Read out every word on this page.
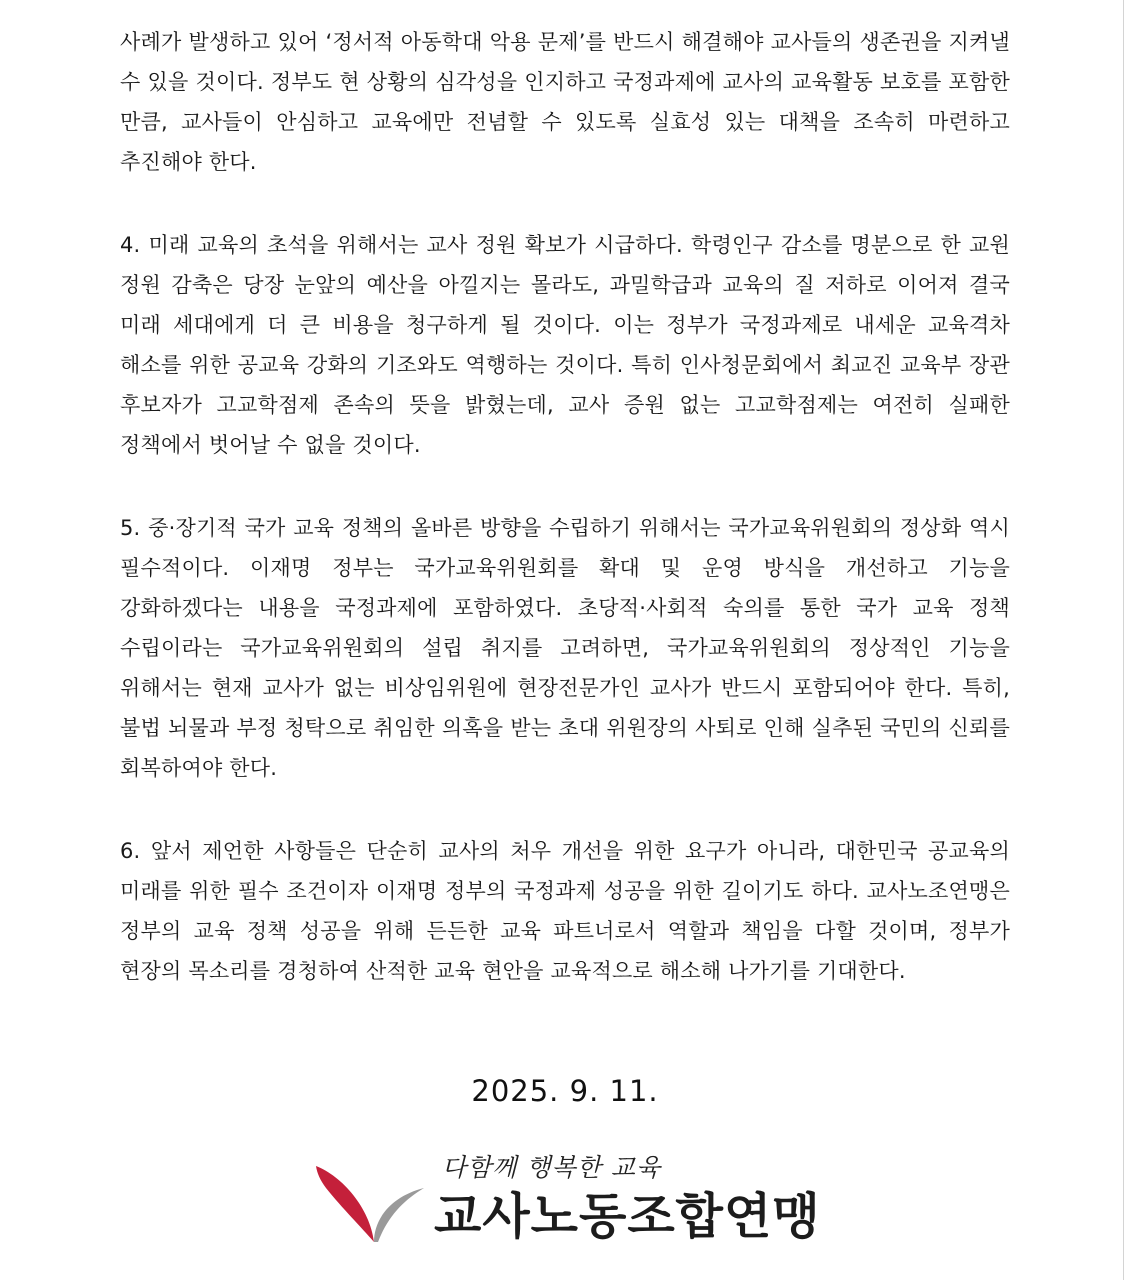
사례가 발생하고 있어 ‘정서적 아동학대 악용 문제’를 반드시 해결해야 교사들의 생존권을 지켜낼 수 있을 것이다. 정부도 현 상황의 심각성을 인지하고 국정과제에 교사의 교육활동 보호를 포함한 만큼, 교사들이 안심하고 교육에만 전념할 수 있도록 실효성 있는 대책을 조속히 마련하고 추진해야 한다.

4. 미래 교육의 초석을 위해서는 교사 정원 확보가 시급하다. 학령인구 감소를 명분으로 한 교원 정원 감축은 당장 눈앞의 예산을 아낄지는 몰라도, 과밀학급과 교육의 질 저하로 이어져 결국 미래 세대에게 더 큰 비용을 청구하게 될 것이다. 이는 정부가 국정과제로 내세운 교육격차 해소를 위한 공교육 강화의 기조와도 역행하는 것이다. 특히 인사청문회에서 최교진 교육부 장관 후보자가 고교학점제 존속의 뜻을 밝혔는데, 교사 증원 없는 고교학점제는 여전히 실패한 정책에서 벗어날 수 없을 것이다.

5. 중·장기적 국가 교육 정책의 올바른 방향을 수립하기 위해서는 국가교육위원회의 정상화 역시 필수적이다. 이재명 정부는 국가교육위원회를 확대 및 운영 방식을 개선하고 기능을 강화하겠다는 내용을 국정과제에 포함하였다. 초당적·사회적 숙의를 통한 국가 교육 정책 수립이라는 국가교육위원회의 설립 취지를 고려하면, 국가교육위원회의 정상적인 기능을 위해서는 현재 교사가 없는 비상임위원에 현장전문가인 교사가 반드시 포함되어야 한다. 특히, 불법 뇌물과 부정 청탁으로 취임한 의혹을 받는 초대 위원장의 사퇴로 인해 실추된 국민의 신뢰를 회복하여야 한다.

6. 앞서 제언한 사항들은 단순히 교사의 처우 개선을 위한 요구가 아니라, 대한민국 공교육의 미래를 위한 필수 조건이자 이재명 정부의 국정과제 성공을 위한 길이기도 하다. 교사노조연맹은 정부의 교육 정책 성공을 위해 든든한 교육 파트너로서 역할과 책임을 다할 것이며, 정부가 현장의 목소리를 경청하여 산적한 교육 현안을 교육적으로 해소해 나가기를 기대한다.

2025. 9. 11.
다함께 행복한 교육
교사노동조합연맹
